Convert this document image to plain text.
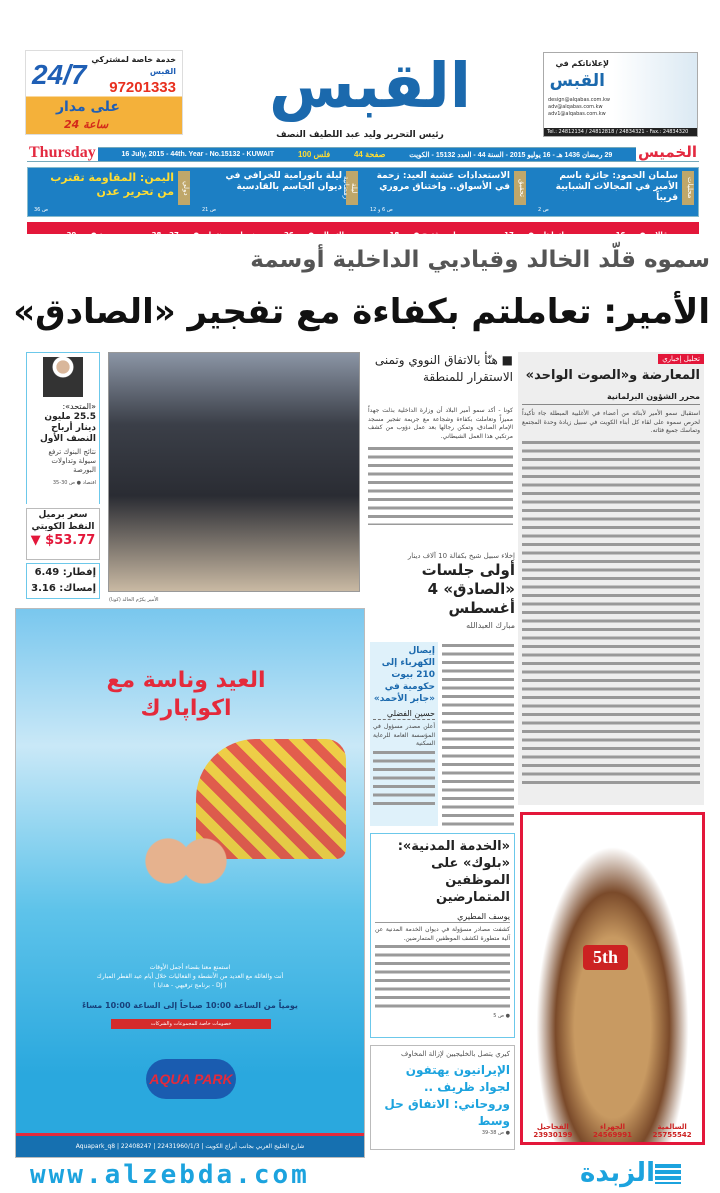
24/7 خدمة خاصة لمشتركي
القبس
97201333
على مدار
24 ساعة
القبس
رئيس التحرير وليد عبد اللطيف النصف
لإعلاناتكم في
القبس
design@alqabas.com.kw
adv@alqabas.com.kw
adv1@alqabas.com.kw
Tel.: 24812134 / 24812818 / 24834321 - Fax.: 24834320
Thursday	16 July, 2015 - 44th. Year - No.15132 - KUWAIT	100 فلس	44 صفحة	29 رمضان 1436 هـ - 16 يوليو 2015 - السنة 44 - العدد 15132 - الكويت الخميس
محليات
سلمان الحمود: جائزة باسم الأمير في المجالات الشبابية قريباً
ص 2
تحقيق
الاستعدادات عشية العيد: زحمة في الأسواق.. واختناق مروري
ص 6 و 12
ليلة رمضانية
ليلة بانورامية للخرافي في ديوان الجاسم بالقادسية
ص 21
دولي
اليمن: المقاومة تقترب من تحرير عدن
ص 36
مقالات ● ص 16اتجاهات ● ص 17باب مفتوح ● ص 18التسالي ● ص 26خدمات ومنتجات ● ص 27 - 28بورصة ● ص 29
سموه قلّد الخالد وقياديي الداخلية أوسمة
الأمير: تعاملتم بكفاءة مع تفجير «الصادق»

«المتحد»:

25.5 مليون دينار أرباح النصف الأول

نتائج البنوك ترفع سيولة وتداولات البورصة

اقتصاد ● ص 30-35

سعر برميل النفط الكويتي
▼ $53.77
إفطار: 6.49
إمساك: 3.16
الأمير يكرّم الخالد (كونا)
■ هنّأ بالاتفاق النووي وتمنى الاستقرار للمنطقة

كونا - أكد سمو أمير البلاد أن وزارة الداخلية بذلت جهداً مميزاً وتعاملت بكفاءة وشجاعة مع جريمة تفجير مسجد الإمام الصادق، وتمكن رجالها بعد عمل دؤوب من كشف مرتكبي هذا العمل الشيطاني.

تحليل إخباري
المعارضة و«الصوت الواحد»
محرر الشؤون البرلمانية

استقبال سمو الأمير لأبنائه من أعضاء في الأغلبية المبطلة جاء تأكيداً لحرص سموه على لقاء كل أبناء الكويت في سبيل زيادة وحدة المجتمع وتماسك جميع فئاته.

إخلاء سبيل شيخ بكفالة 10 آلاف دينار
أولى جلسات «الصادق» 4 أغسطس
مبارك العبدالله
إيصال الكهرباء إلى 210 بيوت حكومية في «جابر الأحمد»
حسين الفضلي
أعلن مصدر مسؤول في المؤسسة العامة للرعاية السكنية
«الخدمة المدنية»: «بلوك» على الموظفين المتمارضين
يوسف المطيري
كشفت مصادر مسؤولة في ديوان الخدمة المدنية عن آلية متطورة لكشف الموظفين المتمارضين.
● ص 5
كيري يتصل بالخليجيين لإزالة المخاوف
الإيرانيون يهتفون لجواد ظريف .. وروحاني: الاتفاق حل وسط
● ص 38-39
العيد وناسة مع اكواپارك
استمتع معنا بقضاء أجمل الأوقات
أنت والعائلة مع العديد من الأنشطة و الفعاليات خلال أيام عيد الفطر المبارك
( DJ - برنامج ترفيهي - هدايا )
يومياً من الساعة 10:00 صباحاً إلى الساعة 10:00 مساءً
خصومات خاصة للمجموعات والشركات
AQUA PARK
شارع الخليج العربي بجانب أبراج الكويت | 22431960/1/3 | 22408247 | Aquapark_q8
5th
السالمية
25755542
الجهراء
24569991
الفحاحيل
23930199
www.alzebda.com	الزبدة
